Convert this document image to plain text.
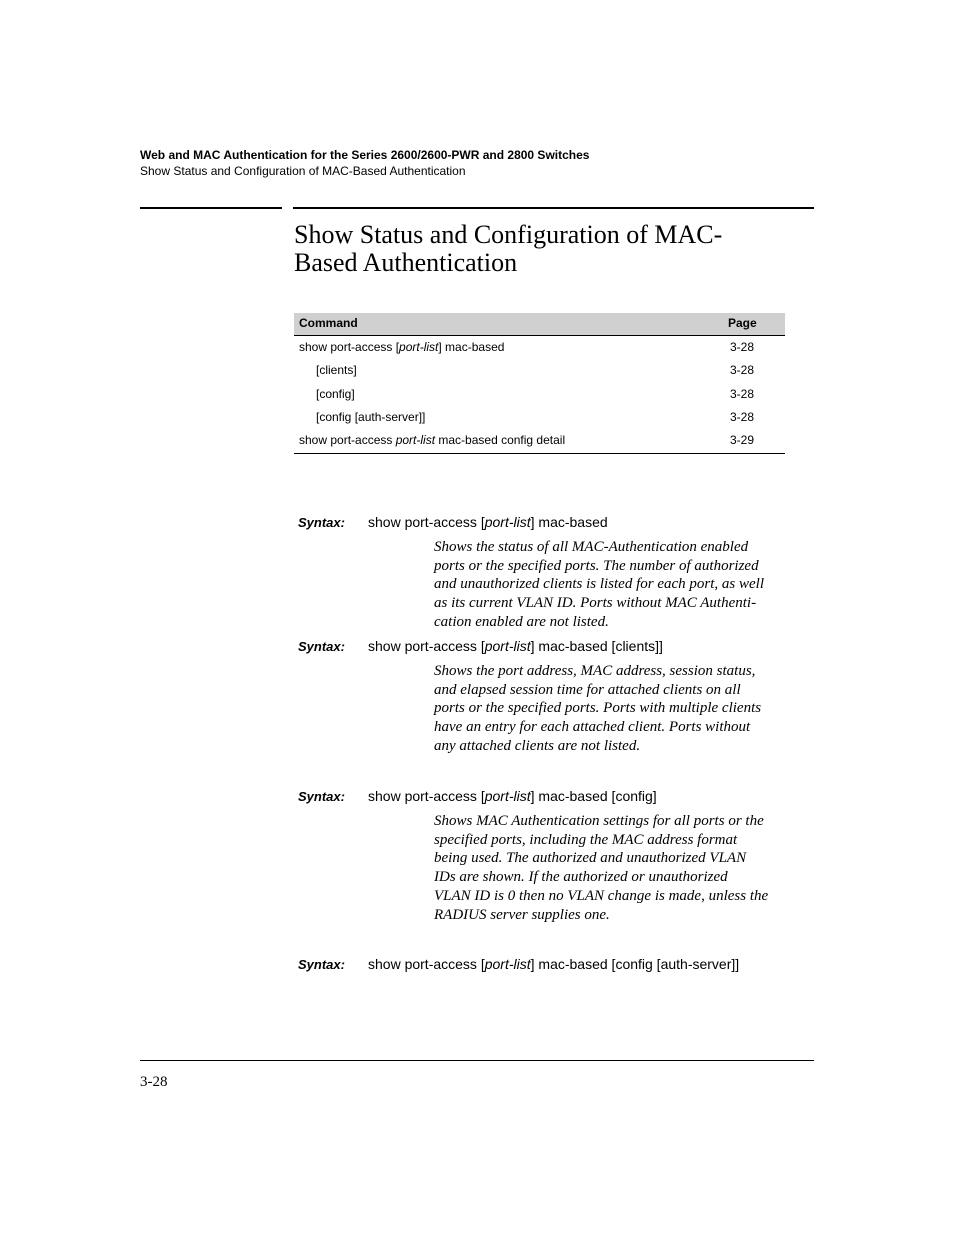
Web and MAC Authentication for the Series 2600/2600-PWR and 2800 Switches
Show Status and Configuration of MAC-Based Authentication
Show Status and Configuration of MAC-
Based Authentication
Command	Page
show port-access [port-list] mac-based	3-28
[clients]	3-28
[config]	3-28
[config [auth-server]]	3-28
show port-access port-list mac-based config detail	3-29
Syntax: show port-access [port-list] mac-based
Shows the status of all MAC-Authentication enabled
ports or the specified ports. The number of authorized
and unauthorized clients is listed for each port, as well
as its current VLAN ID. Ports without MAC Authenti-
cation enabled are not listed.
Syntax: show port-access [port-list] mac-based [clients]]
Shows the port address, MAC address, session status,
and elapsed session time for attached clients on all
ports or the specified ports. Ports with multiple clients
have an entry for each attached client. Ports without
any attached clients are not listed.
Syntax: show port-access [port-list] mac-based [config]
Shows MAC Authentication settings for all ports or the
specified ports, including the MAC address format
being used. The authorized and unauthorized VLAN
IDs are shown. If the authorized or unauthorized
VLAN ID is 0 then no VLAN change is made, unless the
RADIUS server supplies one.
Syntax: show port-access [port-list] mac-based [config [auth-server]]
3-28
